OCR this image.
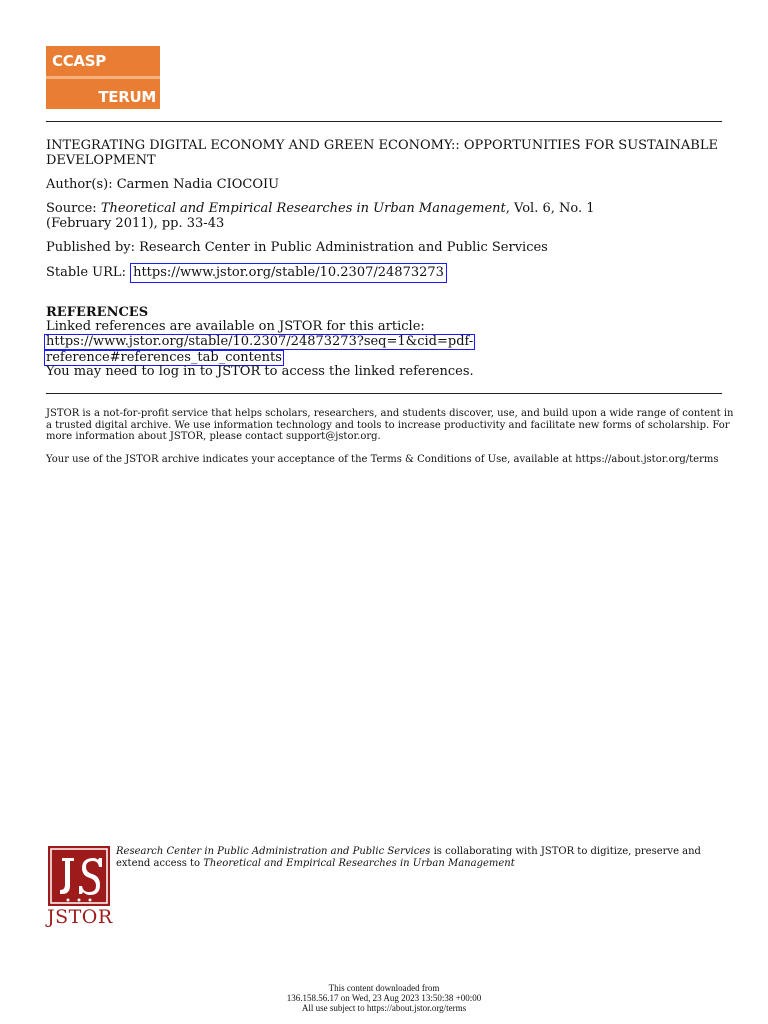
CCASP
TERUM
INTEGRATING DIGITAL ECONOMY AND GREEN ECONOMY:: OPPORTUNITIES FOR SUSTAINABLE DEVELOPMENT
Author(s): Carmen Nadia CIOCOIU
Source: Theoretical and Empirical Researches in Urban Management, Vol. 6, No. 1
(February 2011), pp. 33-43
Published by: Research Center in Public Administration and Public Services
Stable URL: https://www.jstor.org/stable/10.2307/24873273
REFERENCES
Linked references are available on JSTOR for this article:
https://www.jstor.org/stable/10.2307/24873273?seq=1&cid=pdf-
reference#references_tab_contents
You may need to log in to JSTOR to access the linked references.
JSTOR is a not-for-profit service that helps scholars, researchers, and students discover, use, and build upon a wide range of content in a trusted digital archive. We use information technology and tools to increase productivity and facilitate new forms of scholarship. For more information about JSTOR, please contact support@jstor.org.
Your use of the JSTOR archive indicates your acceptance of the Terms & Conditions of Use, available at https://about.jstor.org/terms
JSTOR
Research Center in Public Administration and Public Services is collaborating with JSTOR to digitize, preserve and extend access to Theoretical and Empirical Researches in Urban Management
This content downloaded from
136.158.56.17 on Wed, 23 Aug 2023 13:50:38 +00:00
All use subject to https://about.jstor.org/terms
